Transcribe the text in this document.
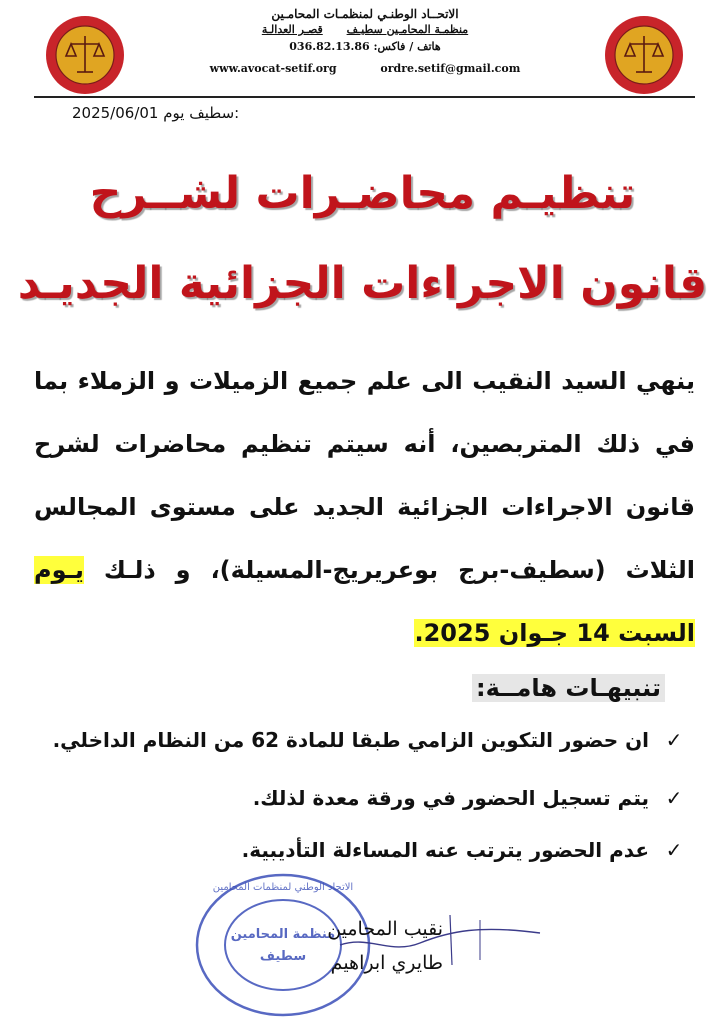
الاتحــاد الوطنـي لمنظمـات المحامـين
منظمـة المحامـين سطيـف قصـر العدالـة
هاتف / فاكس: 036.82.13.86
www.avocat-setif.org	ordre.setif@gmail.com
2025/06/01 سطيف يوم:
تنظيـم محاضـرات لشــرح
قانون الاجراءات الجزائية الجديـد
ينهي السيد النقيب الى علم جميع الزميلات و الزملاء بما في ذلك المتربصين، أنه سيتم تنظيم محاضرات لشرح قانون الاجراءات الجزائية الجديد على مستوى المجالس الثلاث (سطيف-برج بوعريريج-المسيلة)، و ذلـك يـوم السبت 14 جـوان 2025.
تنبيهـات هامــة:
✓ان حضور التكوين الزامي طبقا للمادة 62 من النظام الداخلي.
✓يتم تسجيل الحضور في ورقة معدة لذلك.
✓عدم الحضور يترتب عنه المساءلة التأديبية.
منظمة المحامين
سطيف
الاتحاد الوطني لمنظمات المحامين
نقيب المحامين
طايري ابراهيم
